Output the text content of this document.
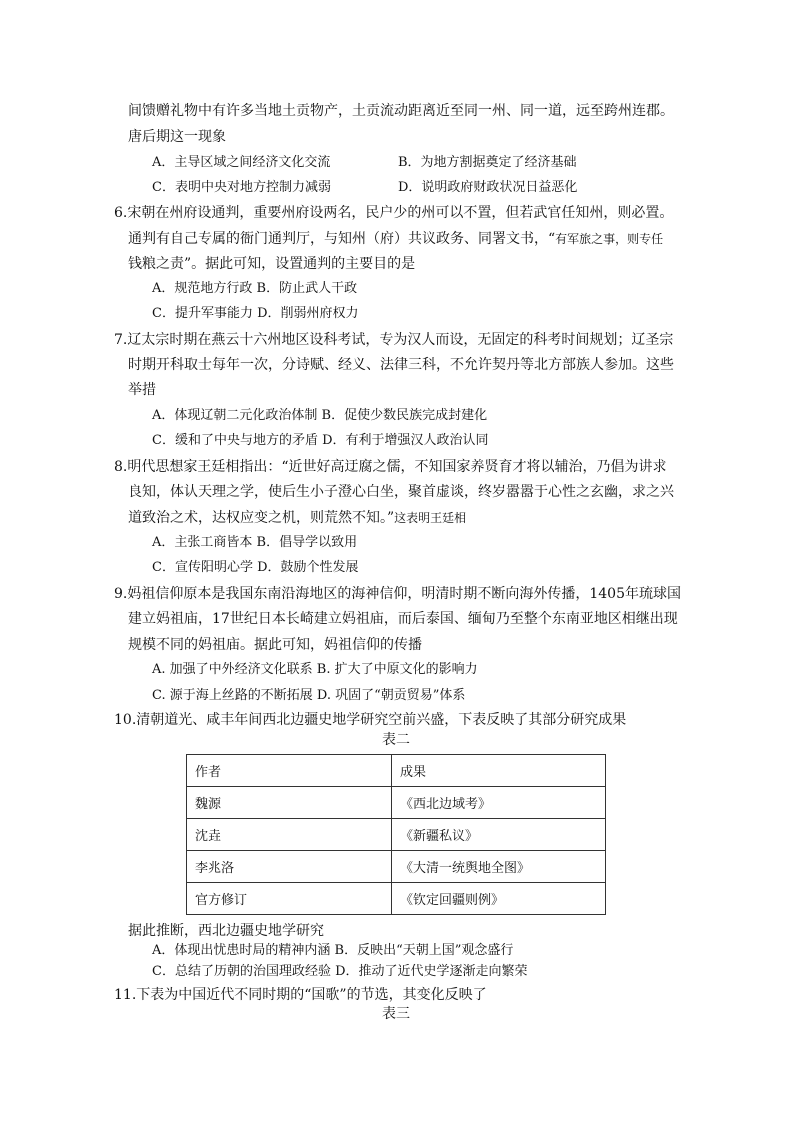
间馈赠礼物中有许多当地土贡物产，土贡流动距离近至同一州、同一道，远至跨州连郡。
唐后期这一现象
A．主导区域之间经济文化交流	B．为地方割据奠定了经济基础
C．表明中央对地方控制力减弱	D．说明政府财政状况日益恶化
6.宋朝在州府设通判，重要州府设两名，民户少的州可以不置，但若武官任知州，则必置。
通判有自己专属的衙门通判厅，与知州（府）共议政务、同署文书，“有军旅之事，则专任
钱粮之责”。据此可知，设置通判的主要目的是
A．规范地方行政 B．防止武人干政
C．提升军事能力 D．削弱州府权力
7.辽太宗时期在燕云十六州地区设科考试，专为汉人而设，无固定的科考时间规划；辽圣宗
时期开科取士每年一次，分诗赋、经义、法律三科，不允许契丹等北方部族人参加。这些
举措
A．体现辽朝二元化政治体制 B．促使少数民族完成封建化
C．缓和了中央与地方的矛盾 D．有利于增强汉人政治认同
8.明代思想家王廷相指出：“近世好高迂腐之儒，不知国家养贤育才将以辅治，乃倡为讲求
良知，体认天理之学，使后生小子澄心白坐，聚首虚谈，终岁嚣嚣于心性之玄幽，求之兴
道致治之术，达权应变之机，则荒然不知。”这表明王廷相
A．主张工商皆本 B．倡导学以致用
C．宣传阳明心学 D．鼓励个性发展
9.妈祖信仰原本是我国东南沿海地区的海神信仰，明清时期不断向海外传播，1405年琉球国
建立妈祖庙，17世纪日本长崎建立妈祖庙，而后泰国、缅甸乃至整个东南亚地区相继出现
规模不同的妈祖庙。据此可知，妈祖信仰的传播
A. 加强了中外经济文化联系 B. 扩大了中原文化的影响力
C. 源于海上丝路的不断拓展 D. 巩固了“朝贡贸易”体系
10.清朝道光、咸丰年间西北边疆史地学研究空前兴盛，下表反映了其部分研究成果
表二
作者	成果
魏源	《西北边域考》
沈垚	《新疆私议》
李兆洛	《大清一统舆地全图》
官方修订	《钦定回疆则例》
据此推断，西北边疆史地学研究
A．体现出忧患时局的精神内涵 B．反映出“天朝上国”观念盛行
C．总结了历朝的治国理政经验 D．推动了近代史学逐渐走向繁荣
11.下表为中国近代不同时期的“国歌”的节选，其变化反映了
表三
